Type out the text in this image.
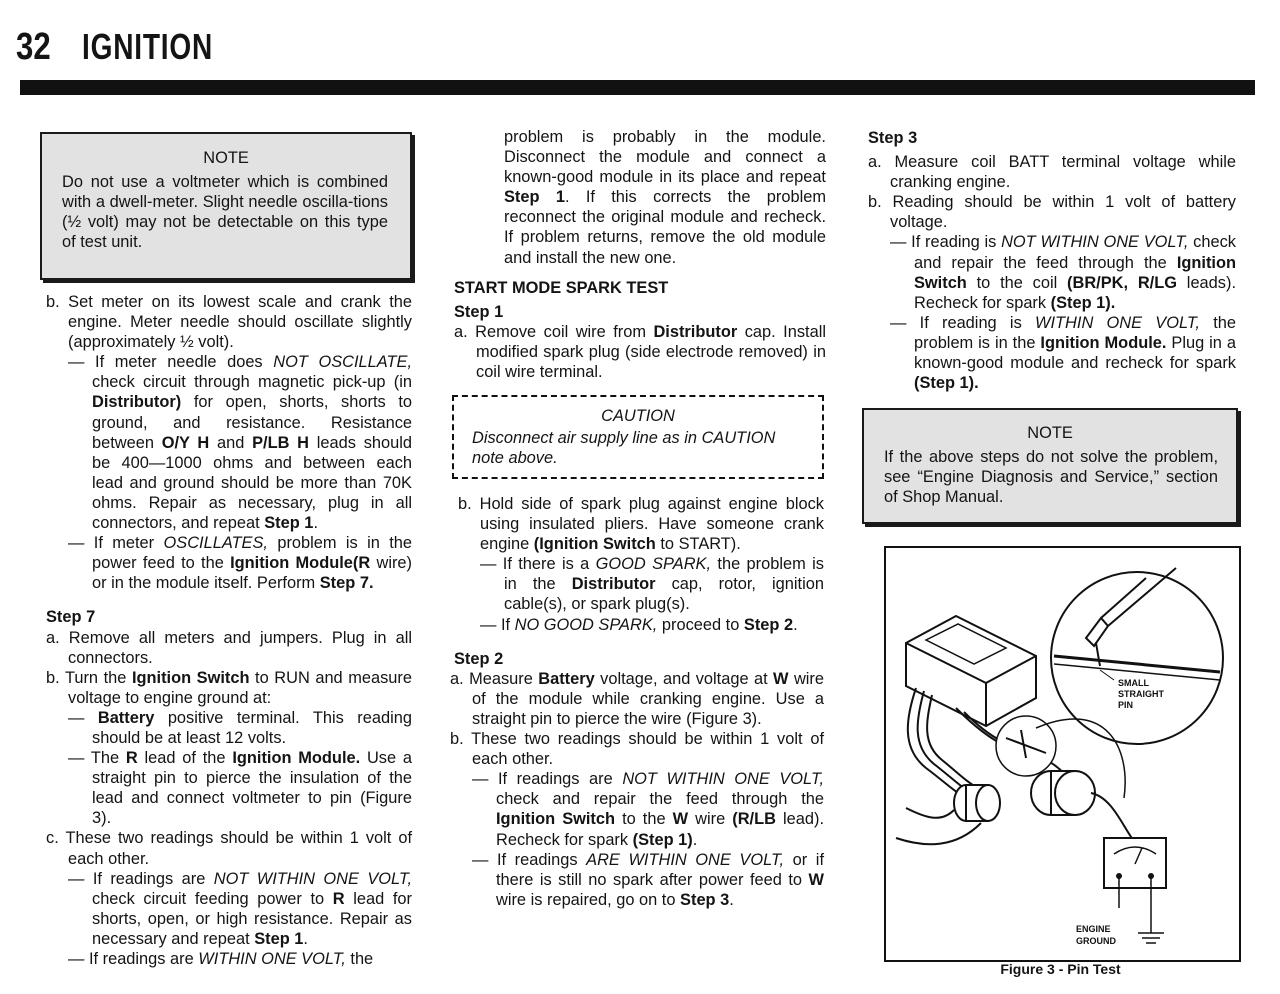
32 IGNITION
NOTE

Do not use a voltmeter which is combined with a dwell-meter. Slight needle oscilla-tions (½ volt) may not be detectable on this type of test unit.

b. Set meter on its lowest scale and crank the engine. Meter needle should oscillate slightly (approximately ½ volt).

— If meter needle does NOT OSCILLATE, check circuit through magnetic pick-up (in Distributor) for open, shorts, shorts to ground, and resistance. Resistance between O/Y H and P/LB H leads should be 400—1000 ohms and between each lead and ground should be more than 70K ohms. Repair as necessary, plug in all connectors, and repeat Step 1.

— If meter OSCILLATES, problem is in the power feed to the Ignition Module(R wire) or in the module itself. Perform Step 7.

Step 7

a. Remove all meters and jumpers. Plug in all connectors.

b. Turn the Ignition Switch to RUN and measure voltage to engine ground at:

— Battery positive terminal. This reading should be at least 12 volts.

— The R lead of the Ignition Module. Use a straight pin to pierce the insulation of the lead and connect voltmeter to pin (Figure 3).

c. These two readings should be within 1 volt of each other.

— If readings are NOT WITHIN ONE VOLT, check circuit feeding power to R lead for shorts, open, or high resistance. Repair as necessary and repeat Step 1.

— If readings are WITHIN ONE VOLT, the

problem is probably in the module. Disconnect the module and connect a known-good module in its place and repeat Step 1. If this corrects the problem reconnect the original module and recheck. If problem returns, remove the old module and install the new one.

START MODE SPARK TEST

Step 1

a. Remove coil wire from Distributor cap. Install modified spark plug (side electrode removed) in coil wire terminal.

CAUTION

Disconnect air supply line as in CAUTION note above.

b. Hold side of spark plug against engine block using insulated pliers. Have someone crank engine (Ignition Switch to START).

— If there is a GOOD SPARK, the problem is in the Distributor cap, rotor, ignition cable(s), or spark plug(s).

— If NO GOOD SPARK, proceed to Step 2.

Step 2

a. Measure Battery voltage, and voltage at W wire of the module while cranking engine. Use a straight pin to pierce the wire (Figure 3).

b. These two readings should be within 1 volt of each other.

— If readings are NOT WITHIN ONE VOLT, check and repair the feed through the Ignition Switch to the W wire (R/LB lead). Recheck for spark (Step 1).

— If readings ARE WITHIN ONE VOLT, or if there is still no spark after power feed to W wire is repaired, go on to Step 3.

Step 3

a. Measure coil BATT terminal voltage while cranking engine.

b. Reading should be within 1 volt of battery voltage.

— If reading is NOT WITHIN ONE VOLT, check and repair the feed through the Ignition Switch to the coil (BR/PK, R/LG leads). Recheck for spark (Step 1).

— If reading is WITHIN ONE VOLT, the problem is in the Ignition Module. Plug in a known-good module and recheck for spark (Step 1).

NOTE

If the above steps do not solve the problem, see “Engine Diagnosis and Service,” section of Shop Manual.

SMALL STRAIGHT PIN
ENGINE GROUND
Figure 3 - Pin Test
